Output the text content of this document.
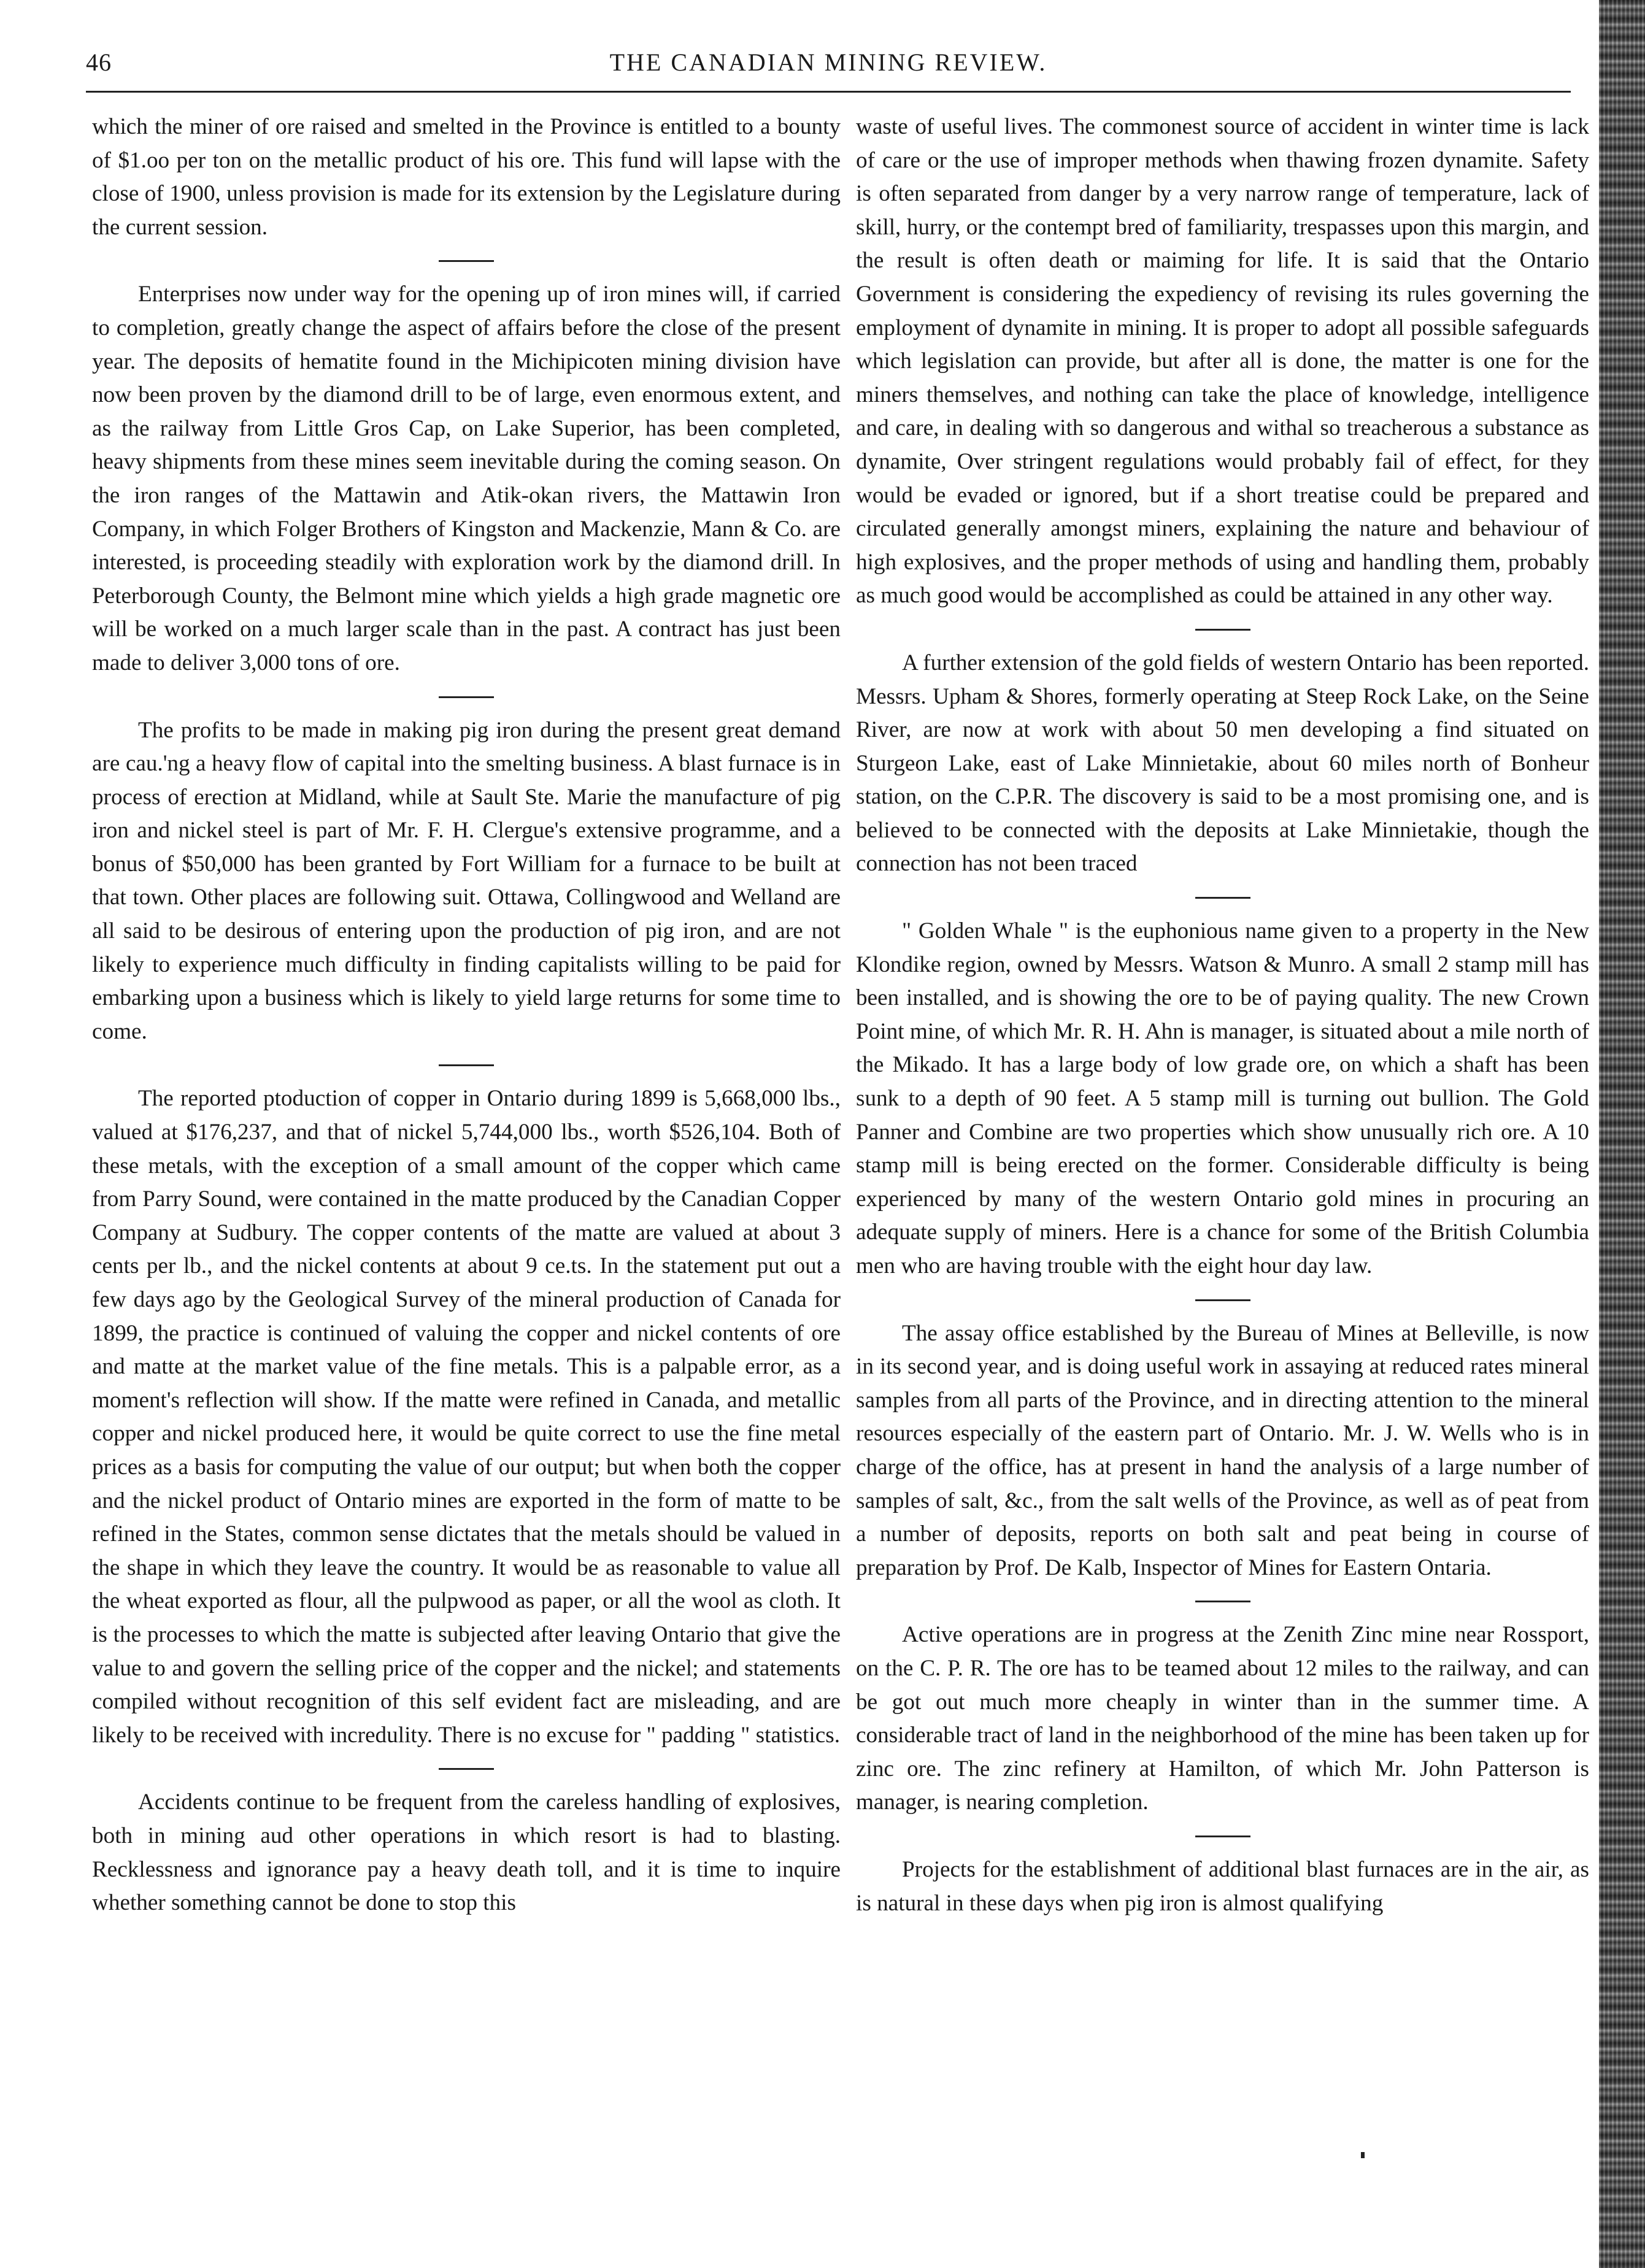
46	THE CANADIAN MINING REVIEW.

which the miner of ore raised and smelted in the Province is entitled to a bounty of $1.oo per ton on the metallic product of his ore. This fund will lapse with the close of 1900, unless provision is made for its extension by the Legislature during the current session.

Enterprises now under way for the opening up of iron mines will, if carried to completion, greatly change the aspect of affairs before the close of the present year. The deposits of hematite found in the Michipicoten mining division have now been proven by the diamond drill to be of large, even enormous extent, and as the railway from Little Gros Cap, on Lake Superior, has been completed, heavy shipments from these mines seem inevitable during the coming season. On the iron ranges of the Mattawin and Atik-okan rivers, the Mattawin Iron Company, in which Folger Brothers of Kingston and Mackenzie, Mann & Co. are interested, is proceeding steadily with exploration work by the diamond drill. In Peterborough County, the Belmont mine which yields a high grade magnetic ore will be worked on a much larger scale than in the past. A contract has just been made to deliver 3,000 tons of ore.

The profits to be made in making pig iron during the present great demand are cau.'ng a heavy flow of capital into the smelting business. A blast furnace is in process of erection at Midland, while at Sault Ste. Marie the manufacture of pig iron and nickel steel is part of Mr. F. H. Clergue's extensive programme, and a bonus of $50,000 has been granted by Fort William for a furnace to be built at that town. Other places are following suit. Ottawa, Collingwood and Welland are all said to be desirous of entering upon the production of pig iron, and are not likely to experience much difficulty in finding capitalists willing to be paid for embarking upon a business which is likely to yield large returns for some time to come.

The reported ptoduction of copper in Ontario during 1899 is 5,668,000 lbs., valued at $176,237, and that of nickel 5,744,000 lbs., worth $526,104. Both of these metals, with the exception of a small amount of the copper which came from Parry Sound, were contained in the matte produced by the Canadian Copper Company at Sudbury. The copper contents of the matte are valued at about 3 cents per lb., and the nickel contents at about 9 ce.ts. In the statement put out a few days ago by the Geological Survey of the mineral production of Canada for 1899, the practice is continued of valuing the copper and nickel contents of ore and matte at the market value of the fine metals. This is a palpable error, as a moment's reflection will show. If the matte were refined in Canada, and metallic copper and nickel produced here, it would be quite correct to use the fine metal prices as a basis for computing the value of our output; but when both the copper and the nickel product of Ontario mines are exported in the form of matte to be refined in the States, common sense dictates that the metals should be valued in the shape in which they leave the country. It would be as reasonable to value all the wheat exported as flour, all the pulpwood as paper, or all the wool as cloth. It is the processes to which the matte is subjected after leaving Ontario that give the value to and govern the selling price of the copper and the nickel; and statements compiled without recognition of this self evident fact are misleading, and are likely to be received with incredulity. There is no excuse for " padding " statistics.

Accidents continue to be frequent from the careless handling of explosives, both in mining aud other operations in which resort is had to blasting. Recklessness and ignorance pay a heavy death toll, and it is time to inquire whether something cannot be done to stop this

waste of useful lives. The commonest source of accident in winter time is lack of care or the use of improper methods when thawing frozen dynamite. Safety is often separated from danger by a very narrow range of temperature, lack of skill, hurry, or the contempt bred of familiarity, trespasses upon this margin, and the result is often death or maiming for life. It is said that the Ontario Government is considering the expediency of revising its rules governing the employment of dynamite in mining. It is proper to adopt all possible safeguards which legislation can provide, but after all is done, the matter is one for the miners themselves, and nothing can take the place of knowledge, intelligence and care, in dealing with so dangerous and withal so treacherous a substance as dynamite, Over stringent regulations would probably fail of effect, for they would be evaded or ignored, but if a short treatise could be prepared and circulated generally amongst miners, explaining the nature and behaviour of high explosives, and the proper methods of using and handling them, probably as much good would be accomplished as could be attained in any other way.

A further extension of the gold fields of western Ontario has been reported. Messrs. Upham & Shores, formerly operating at Steep Rock Lake, on the Seine River, are now at work with about 50 men developing a find situated on Sturgeon Lake, east of Lake Minnietakie, about 60 miles north of Bonheur station, on the C.P.R. The discovery is said to be a most promising one, and is believed to be connected with the deposits at Lake Minnietakie, though the connection has not been traced

" Golden Whale " is the euphonious name given to a property in the New Klondike region, owned by Messrs. Watson & Munro. A small 2 stamp mill has been installed, and is showing the ore to be of paying quality. The new Crown Point mine, of which Mr. R. H. Ahn is manager, is situated about a mile north of the Mikado. It has a large body of low grade ore, on which a shaft has been sunk to a depth of 90 feet. A 5 stamp mill is turning out bullion. The Gold Panner and Combine are two properties which show unusually rich ore. A 10 stamp mill is being erected on the former. Considerable difficulty is being experienced by many of the western Ontario gold mines in procuring an adequate supply of miners. Here is a chance for some of the British Columbia men who are having trouble with the eight hour day law.

The assay office established by the Bureau of Mines at Belleville, is now in its second year, and is doing useful work in assaying at reduced rates mineral samples from all parts of the Province, and in directing attention to the mineral resources especially of the eastern part of Ontario. Mr. J. W. Wells who is in charge of the office, has at present in hand the analysis of a large number of samples of salt, &c., from the salt wells of the Province, as well as of peat from a number of deposits, reports on both salt and peat being in course of preparation by Prof. De Kalb, Inspector of Mines for Eastern Ontaria.

Active operations are in progress at the Zenith Zinc mine near Rossport, on the C. P. R. The ore has to be teamed about 12 miles to the railway, and can be got out much more cheaply in winter than in the summer time. A considerable tract of land in the neighborhood of the mine has been taken up for zinc ore. The zinc refinery at Hamilton, of which Mr. John Patterson is manager, is nearing completion.

Projects for the establishment of additional blast furnaces are in the air, as is natural in these days when pig iron is almost qualifying
